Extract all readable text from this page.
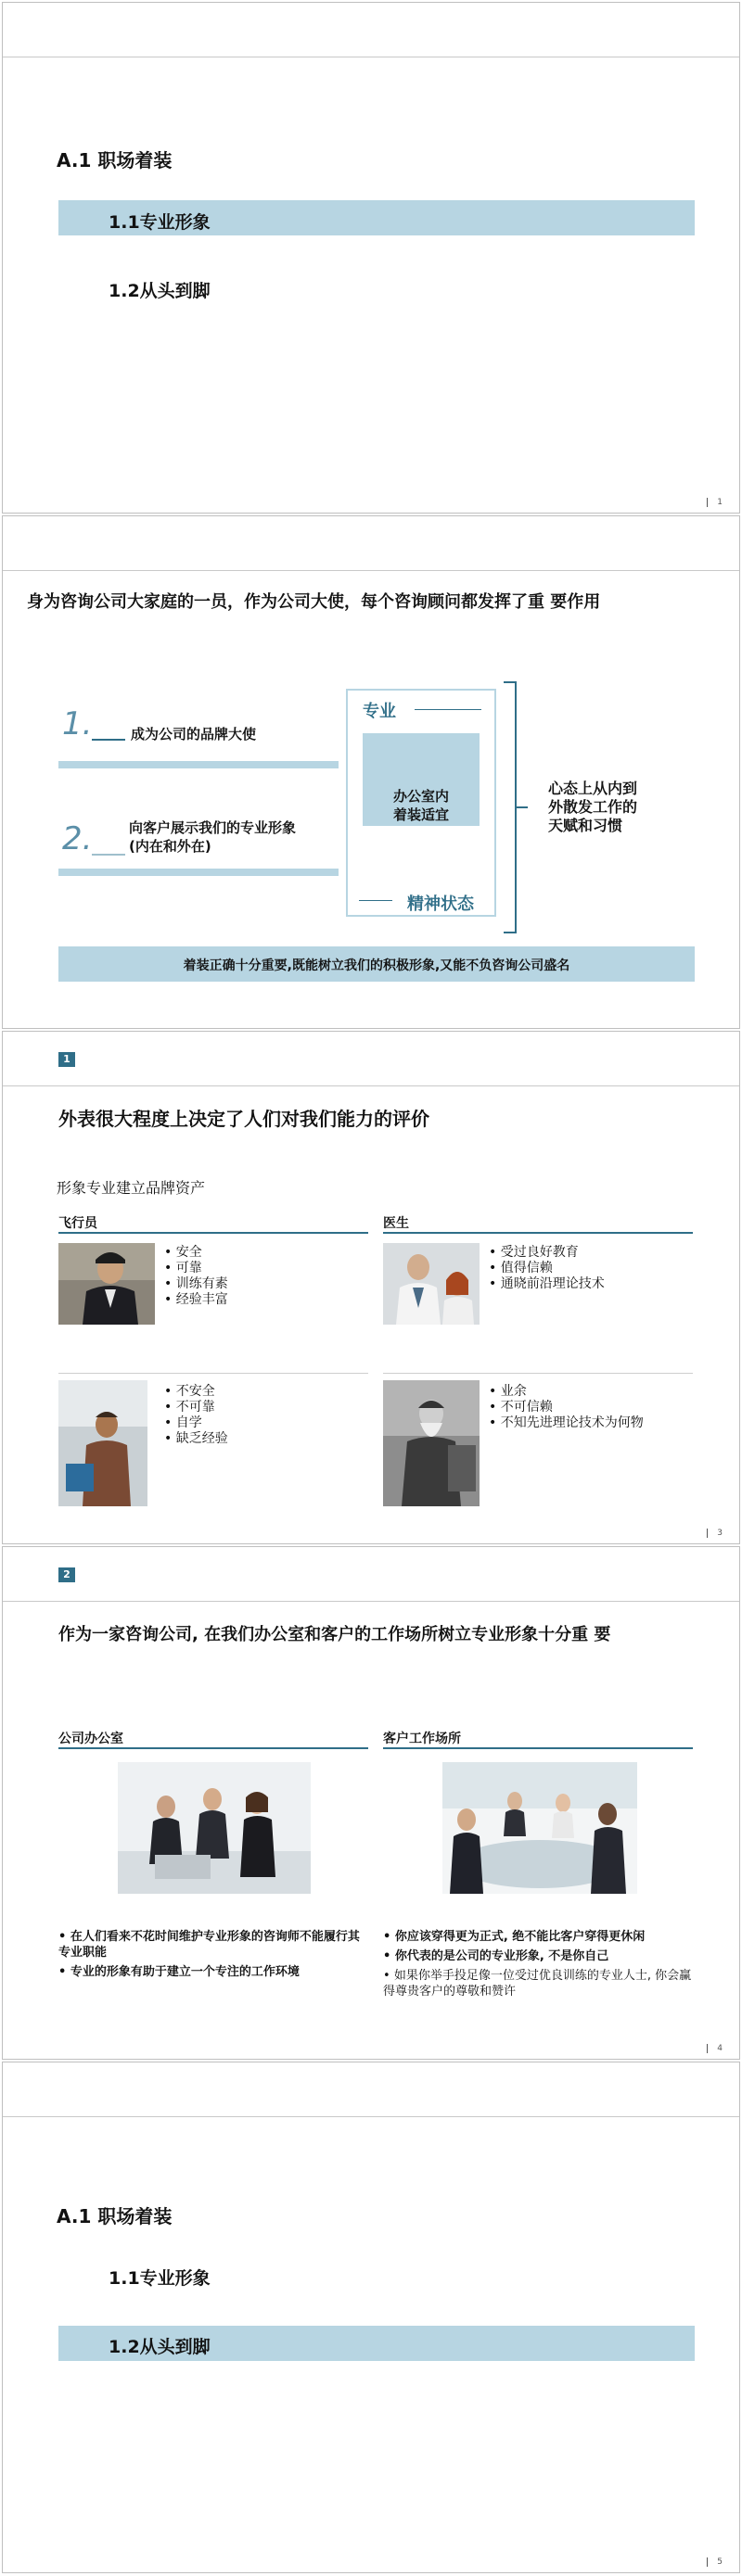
A.1 职场着装
1.1专业形象
1.2从头到脚
1
身为咨询公司大家庭的一员，作为公司大使，每个咨询顾问都发挥了重 要作用
1.	成为公司的品牌大使
2.	向客户展示我们的专业形象
(内在和外在)
专业
办公室内
着装适宜
精神状态
心态上从内到
外散发工作的
天赋和习惯
着装正确十分重要,既能树立我们的积极形象,又能不负咨询公司盛名
1
外表很大程度上决定了人们对我们能力的评价
形象专业建立品牌资产
飞行员	医生
• 安全
• 可靠
• 训练有素
• 经验丰富
• 受过良好教育
• 值得信赖
• 通晓前沿理论技术
• 不安全
• 不可靠
• 自学
• 缺乏经验
• 业余
• 不可信赖
• 不知先进理论技术为何物
3
2
作为一家咨询公司, 在我们办公室和客户的工作场所树立专业形象十分重 要
公司办公室	客户工作场所
• 在人们看来不花时间维护专业形象的咨询师不能履行其专业职能
• 专业的形象有助于建立一个专注的工作环境
• 你应该穿得更为正式, 绝不能比客户穿得更休闲
• 你代表的是公司的专业形象, 不是你自己
• 如果你举手投足像一位受过优良训练的专业人士, 你会赢得尊贵客户的尊敬和赞许
4
A.1 职场着装
1.1专业形象
1.2从头到脚
5
